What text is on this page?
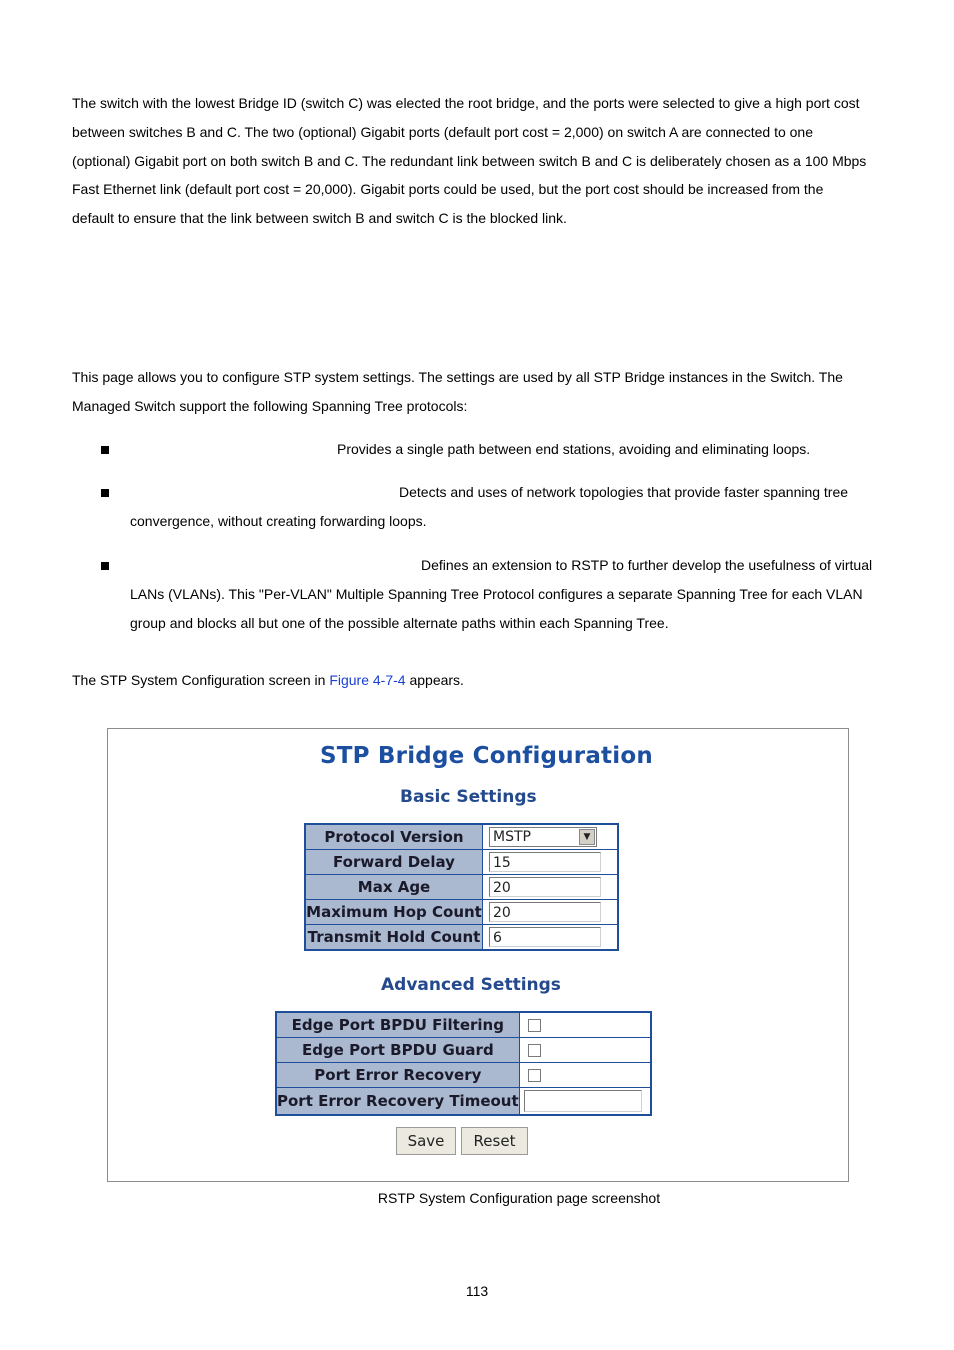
The switch with the lowest Bridge ID (switch C) was elected the root bridge, and the ports were selected to give a high port cost
between switches B and C. The two (optional) Gigabit ports (default port cost = 2,000) on switch A are connected to one
(optional) Gigabit port on both switch B and C. The redundant link between switch B and C is deliberately chosen as a 100 Mbps
Fast Ethernet link (default port cost = 20,000). Gigabit ports could be used, but the port cost should be increased from the
default to ensure that the link between switch B and switch C is the blocked link.
This page allows you to configure STP system settings. The settings are used by all STP Bridge instances in the Switch. The
Managed Switch support the following Spanning Tree protocols:
Provides a single path between end stations, avoiding and eliminating loops.
Detects and uses of network topologies that provide faster spanning tree
convergence, without creating forwarding loops.
Defines an extension to RSTP to further develop the usefulness of virtual
LANs (VLANs). This "Per-VLAN" Multiple Spanning Tree Protocol configures a separate Spanning Tree for each VLAN
group and blocks all but one of the possible alternate paths within each Spanning Tree.
The STP System Configuration screen in Figure 4-7-4 appears.
STP Bridge Configuration
Basic Settings
Protocol Version	MSTP ▼

Forward Delay	15

Max Age	20

Maximum Hop Count	20

Transmit Hold Count	6
Advanced Settings
Edge Port BPDU Filtering	

Edge Port BPDU Guard	

Port Error Recovery	

Port Error Recovery Timeout	
Save	Reset
RSTP System Configuration page screenshot
113
